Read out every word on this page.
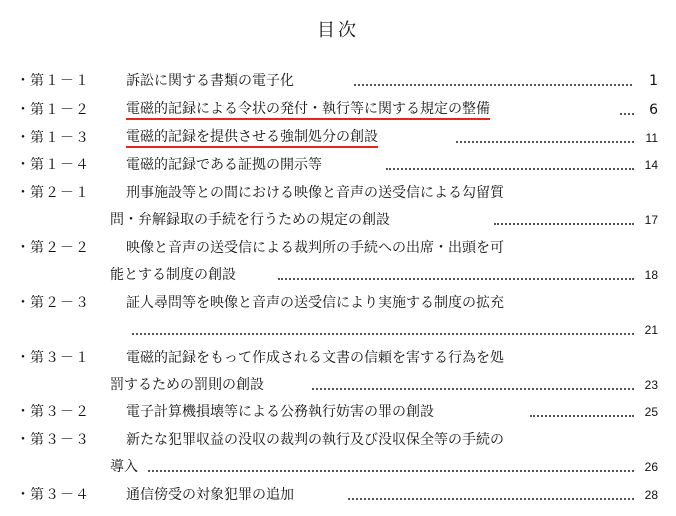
目次
・ 第１－１	訴訟に関する書類の電子化	1
・ 第１－２	電磁的記録による令状の発付・執行等に関する規定の整備	6
・ 第１－３	電磁的記録を提供させる強制処分の創設	11
・ 第１－４	電磁的記録である証拠の開示等	14
・ 第２－１	刑事施設等との間における映像と音声の送受信による勾留質
問・弁解録取の手続を行うための規定の創設	17
・ 第２－２	映像と音声の送受信による裁判所の手続への出席・出頭を可
能とする制度の創設	18
・ 第２－３	証人尋問等を映像と音声の送受信により実施する制度の拡充
21
・ 第３－１	電磁的記録をもって作成される文書の信頼を害する行為を処
罰するための罰則の創設	23
・ 第３－２	電子計算機損壊等による公務執行妨害の罪の創設	25
・ 第３－３	新たな犯罪収益の没収の裁判の執行及び没収保全等の手続の
導入	26
・ 第３－４	通信傍受の対象犯罪の追加	28
